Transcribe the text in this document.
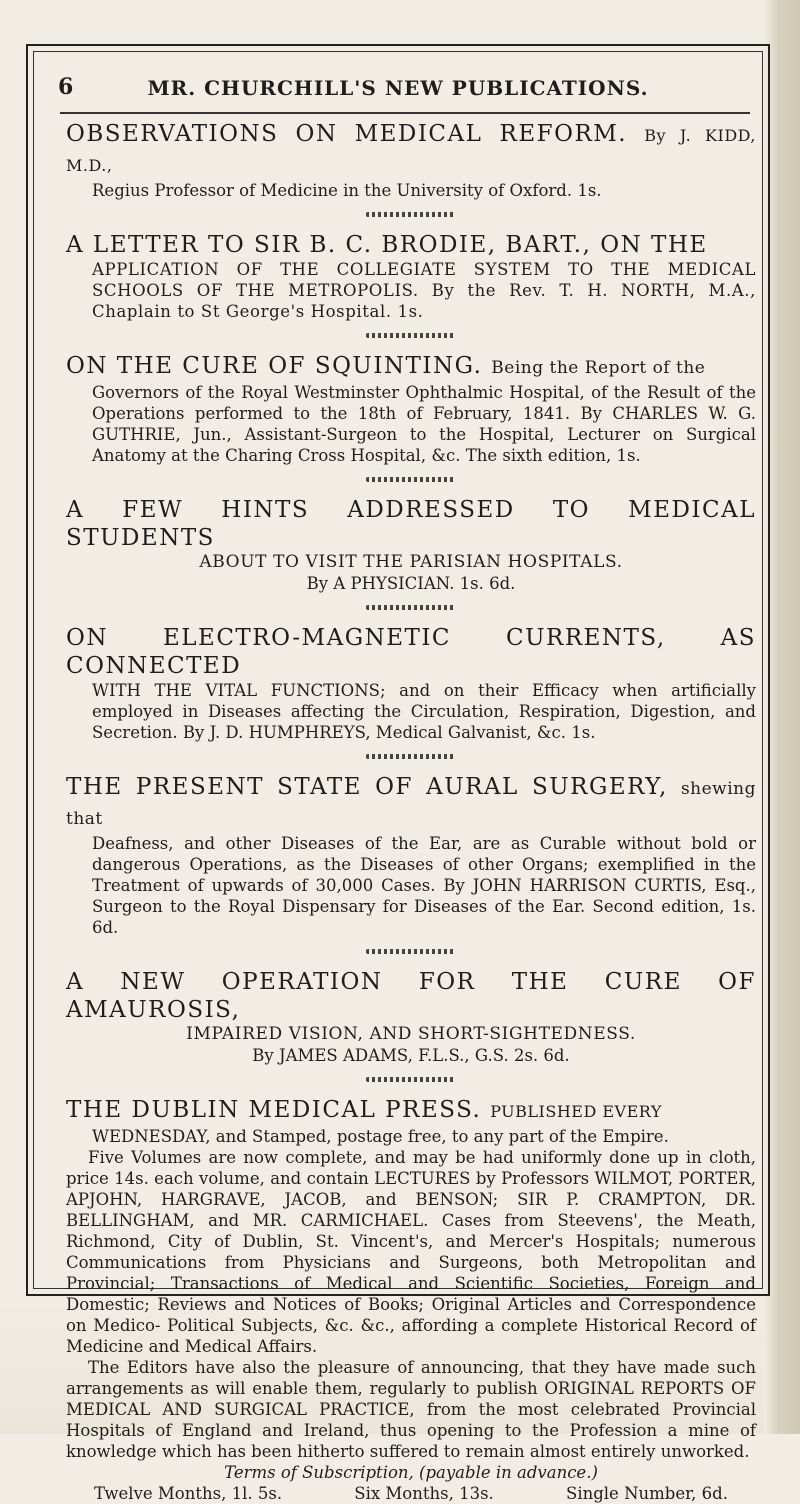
6	MR. CHURCHILL'S NEW PUBLICATIONS.
OBSERVATIONS ON MEDICAL REFORM. By J. KIDD, M.D.,

Regius Professor of Medicine in the University of Oxford. 1s.

A LETTER TO SIR B. C. BRODIE, BART., ON THE

APPLICATION OF THE COLLEGIATE SYSTEM TO THE MEDICAL SCHOOLS OF THE METROPOLIS. By the Rev. T. H. NORTH, M.A., Chaplain to St George's Hospital. 1s.

ON THE CURE OF SQUINTING. Being the Report of the

Governors of the Royal Westminster Ophthalmic Hospital, of the Result of the Operations performed to the 18th of February, 1841. By CHARLES W. G. GUTHRIE, Jun., Assistant-Surgeon to the Hospital, Lecturer on Surgical Anatomy at the Charing Cross Hospital, &c. The sixth edition, 1s.

A FEW HINTS ADDRESSED TO MEDICAL STUDENTS

ABOUT TO VISIT THE PARISIAN HOSPITALS.

By A PHYSICIAN. 1s. 6d.

ON ELECTRO-MAGNETIC CURRENTS, AS CONNECTED

WITH THE VITAL FUNCTIONS; and on their Efficacy when artificially employed in Diseases affecting the Circulation, Respiration, Digestion, and Secretion. By J. D. HUMPHREYS, Medical Galvanist, &c. 1s.

THE PRESENT STATE OF AURAL SURGERY, shewing that

Deafness, and other Diseases of the Ear, are as Curable without bold or dangerous Operations, as the Diseases of other Organs; exemplified in the Treatment of upwards of 30,000 Cases. By JOHN HARRISON CURTIS, Esq., Surgeon to the Royal Dispensary for Diseases of the Ear. Second edition, 1s. 6d.

A NEW OPERATION FOR THE CURE OF AMAUROSIS,

IMPAIRED VISION, AND SHORT-SIGHTEDNESS.

By JAMES ADAMS, F.L.S., G.S. 2s. 6d.

THE DUBLIN MEDICAL PRESS. PUBLISHED EVERY

WEDNESDAY, and Stamped, postage free, to any part of the Empire.

Five Volumes are now complete, and may be had uniformly done up in cloth, price 14s. each volume, and contain LECTURES by Professors WILMOT, PORTER, APJOHN, HARGRAVE, JACOB, and BENSON; SIR P. CRAMPTON, DR. BELLINGHAM, and MR. CARMICHAEL. Cases from Steevens', the Meath, Richmond, City of Dublin, St. Vincent's, and Mercer's Hospitals; numerous Communications from Physicians and Surgeons, both Metropolitan and Provincial; Transactions of Medical and Scientific Societies, Foreign and Domestic; Reviews and Notices of Books; Original Articles and Correspondence on Medico- Political Subjects, &c. &c., affording a complete Historical Record of Medicine and Medical Affairs.

The Editors have also the pleasure of announcing, that they have made such arrangements as will enable them, regularly to publish ORIGINAL REPORTS OF MEDICAL AND SURGICAL PRACTICE, from the most celebrated Provincial Hospitals of England and Ireland, thus opening to the Profession a mine of knowledge which has been hitherto suffered to remain almost entirely unworked.

Terms of Subscription, (payable in advance.)

Twelve Months, 1l. 5s.	Six Months, 13s.	Single Number, 6d.
